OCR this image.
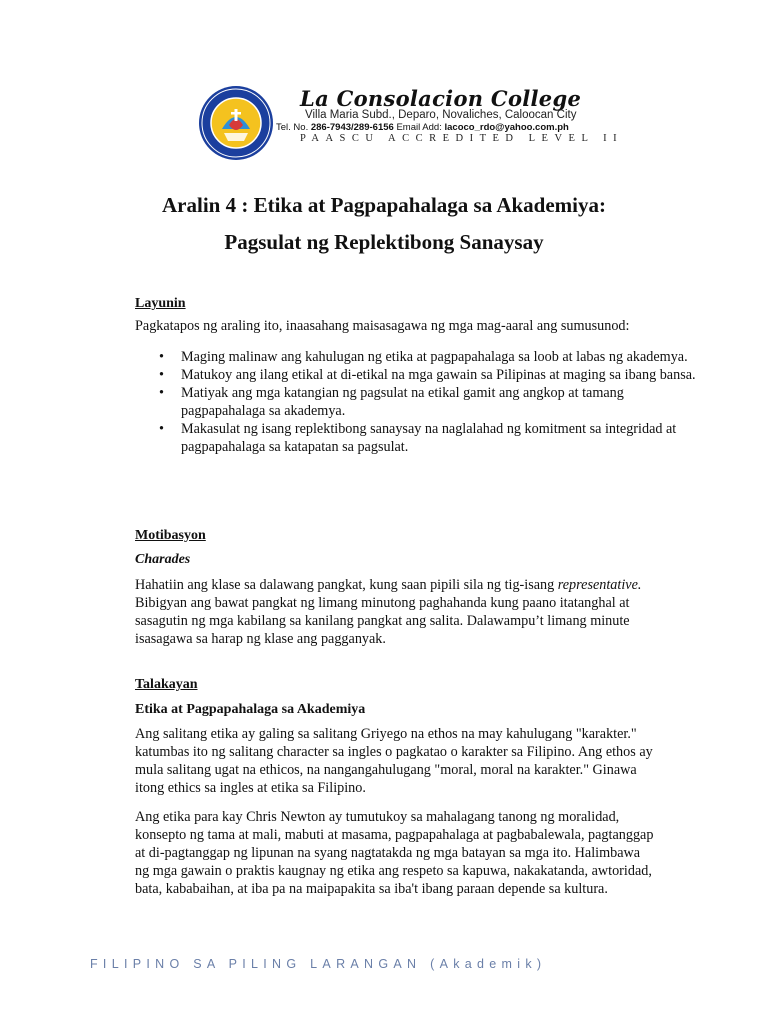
La Consolacion College
Villa Maria Subd., Deparo, Novaliches, Caloocan City
Tel. No. 286-7943/289-6156 Email Add: lacoco_rdo@yahoo.com.ph
PAASCU ACCREDITED LEVEL II
Aralin 4 : Etika at Pagpapahalaga sa Akademiya:
Pagsulat ng Replektibong Sanaysay
Layunin
Pagkatapos ng araling ito, inaasahang maisasagawa ng mga mag-aaral ang sumusunod:
• Maging malinaw ang kahulugan ng etika at pagpapahalaga sa loob at labas ng akademya.
• Matukoy ang ilang etikal at di-etikal na mga gawain sa Pilipinas at maging sa ibang bansa.
• Matiyak ang mga katangian ng pagsulat na etikal gamit ang angkop at tamang pagpapahalaga sa akademya.
• Makasulat ng isang replektibong sanaysay na naglalahad ng komitment sa integridad at pagpapahalaga sa katapatan sa pagsulat.
Motibasyon
Charades
Hahatiin ang klase sa dalawang pangkat, kung saan pipili sila ng tig-isang representative. Bibigyan ang bawat pangkat ng limang minutong paghahanda kung paano itatanghal at sasagutin ng mga kabilang sa kanilang pangkat ang salita. Dalawampu’t limang minute isasagawa sa harap ng klase ang pagganyak.
Talakayan
Etika at Pagpapahalaga sa Akademiya
Ang salitang etika ay galing sa salitang Griyego na ethos na may kahulugang "karakter." katumbas ito ng salitang character sa ingles o pagkatao o karakter sa Filipino. Ang ethos ay mula salitang ugat na ethicos, na nangangahulugang "moral, moral na karakter." Ginawa itong ethics sa ingles at etika sa Filipino.
Ang etika para kay Chris Newton ay tumutukoy sa mahalagang tanong ng moralidad, konsepto ng tama at mali, mabuti at masama, pagpapahalaga at pagbabalewala, pagtanggap at di-pagtanggap ng lipunan na syang nagtatakda ng mga batayan sa mga ito. Halimbawa ng mga gawain o praktis kaugnay ng etika ang respeto sa kapuwa, nakakatanda, awtoridad, bata, kababaihan, at iba pa na maipapakita sa iba't ibang paraan depende sa kultura.
FILIPINO SA PILING LARANGAN (Akademik)
